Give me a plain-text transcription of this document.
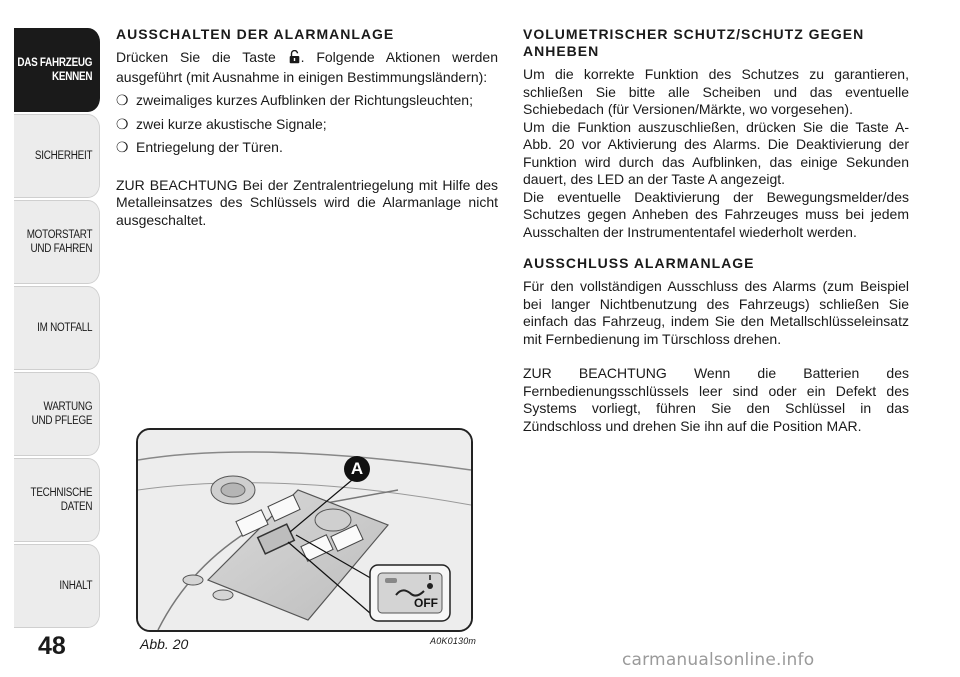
DAS FAHRZEUG
KENNEN
SICHERHEIT
MOTORSTART
UND FAHREN
IM NOTFALL
WARTUNG
UND PFLEGE
TECHNISCHE
DATEN
INHALT
48
AUSSCHALTEN DER ALARMANLAGE

Drücken Sie die Taste . Folgende Aktionen werden ausgeführt (mit Ausnahme in einigen Bestimmungsländern):

❍ zweimaliges kurzes Aufblinken der Richtungsleuchten;
❍ zwei kurze akustische Signale;
❍ Entriegelung der Türen.

ZUR BEACHTUNG Bei der Zentralentriegelung mit Hilfe des Metalleinsatzes des Schlüssels wird die Alarmanlage nicht ausgeschaltet.

VOLUMETRISCHER SCHUTZ/SCHUTZ GEGEN ANHEBEN

Um die korrekte Funktion des Schutzes zu garantieren, schließen Sie bitte alle Scheiben und das eventuelle Schiebedach (für Versionen/Märkte, wo vorgesehen).

Um die Funktion auszuschließen, drücken Sie die Taste A-Abb. 20 vor Aktivierung des Alarms. Die Deaktivierung der Funktion wird durch das Aufblinken, das einige Sekunden dauert, des LED an der Taste A angezeigt.

Die eventuelle Deaktivierung der Bewegungsmelder/des Schutzes gegen Anheben des Fahrzeuges muss bei jedem Ausschalten der Instrumententafel wiederholt werden.

AUSSCHLUSS ALARMANLAGE

Für den vollständigen Ausschluss des Alarms (zum Beispiel bei langer Nichtbenutzung des Fahrzeugs) schließen Sie einfach das Fahrzeug, indem Sie den Metallschlüsseleinsatz mit Fernbedienung im Türschloss drehen.

ZUR BEACHTUNG Wenn die Batterien des Fernbedienungsschlüssels leer sind oder ein Defekt des Systems vorliegt, führen Sie den Schlüssel in das Zündschloss und drehen Sie ihn auf die Position MAR.

A
OFF
Abb. 20	A0K0130m
carmanualsonline.info
